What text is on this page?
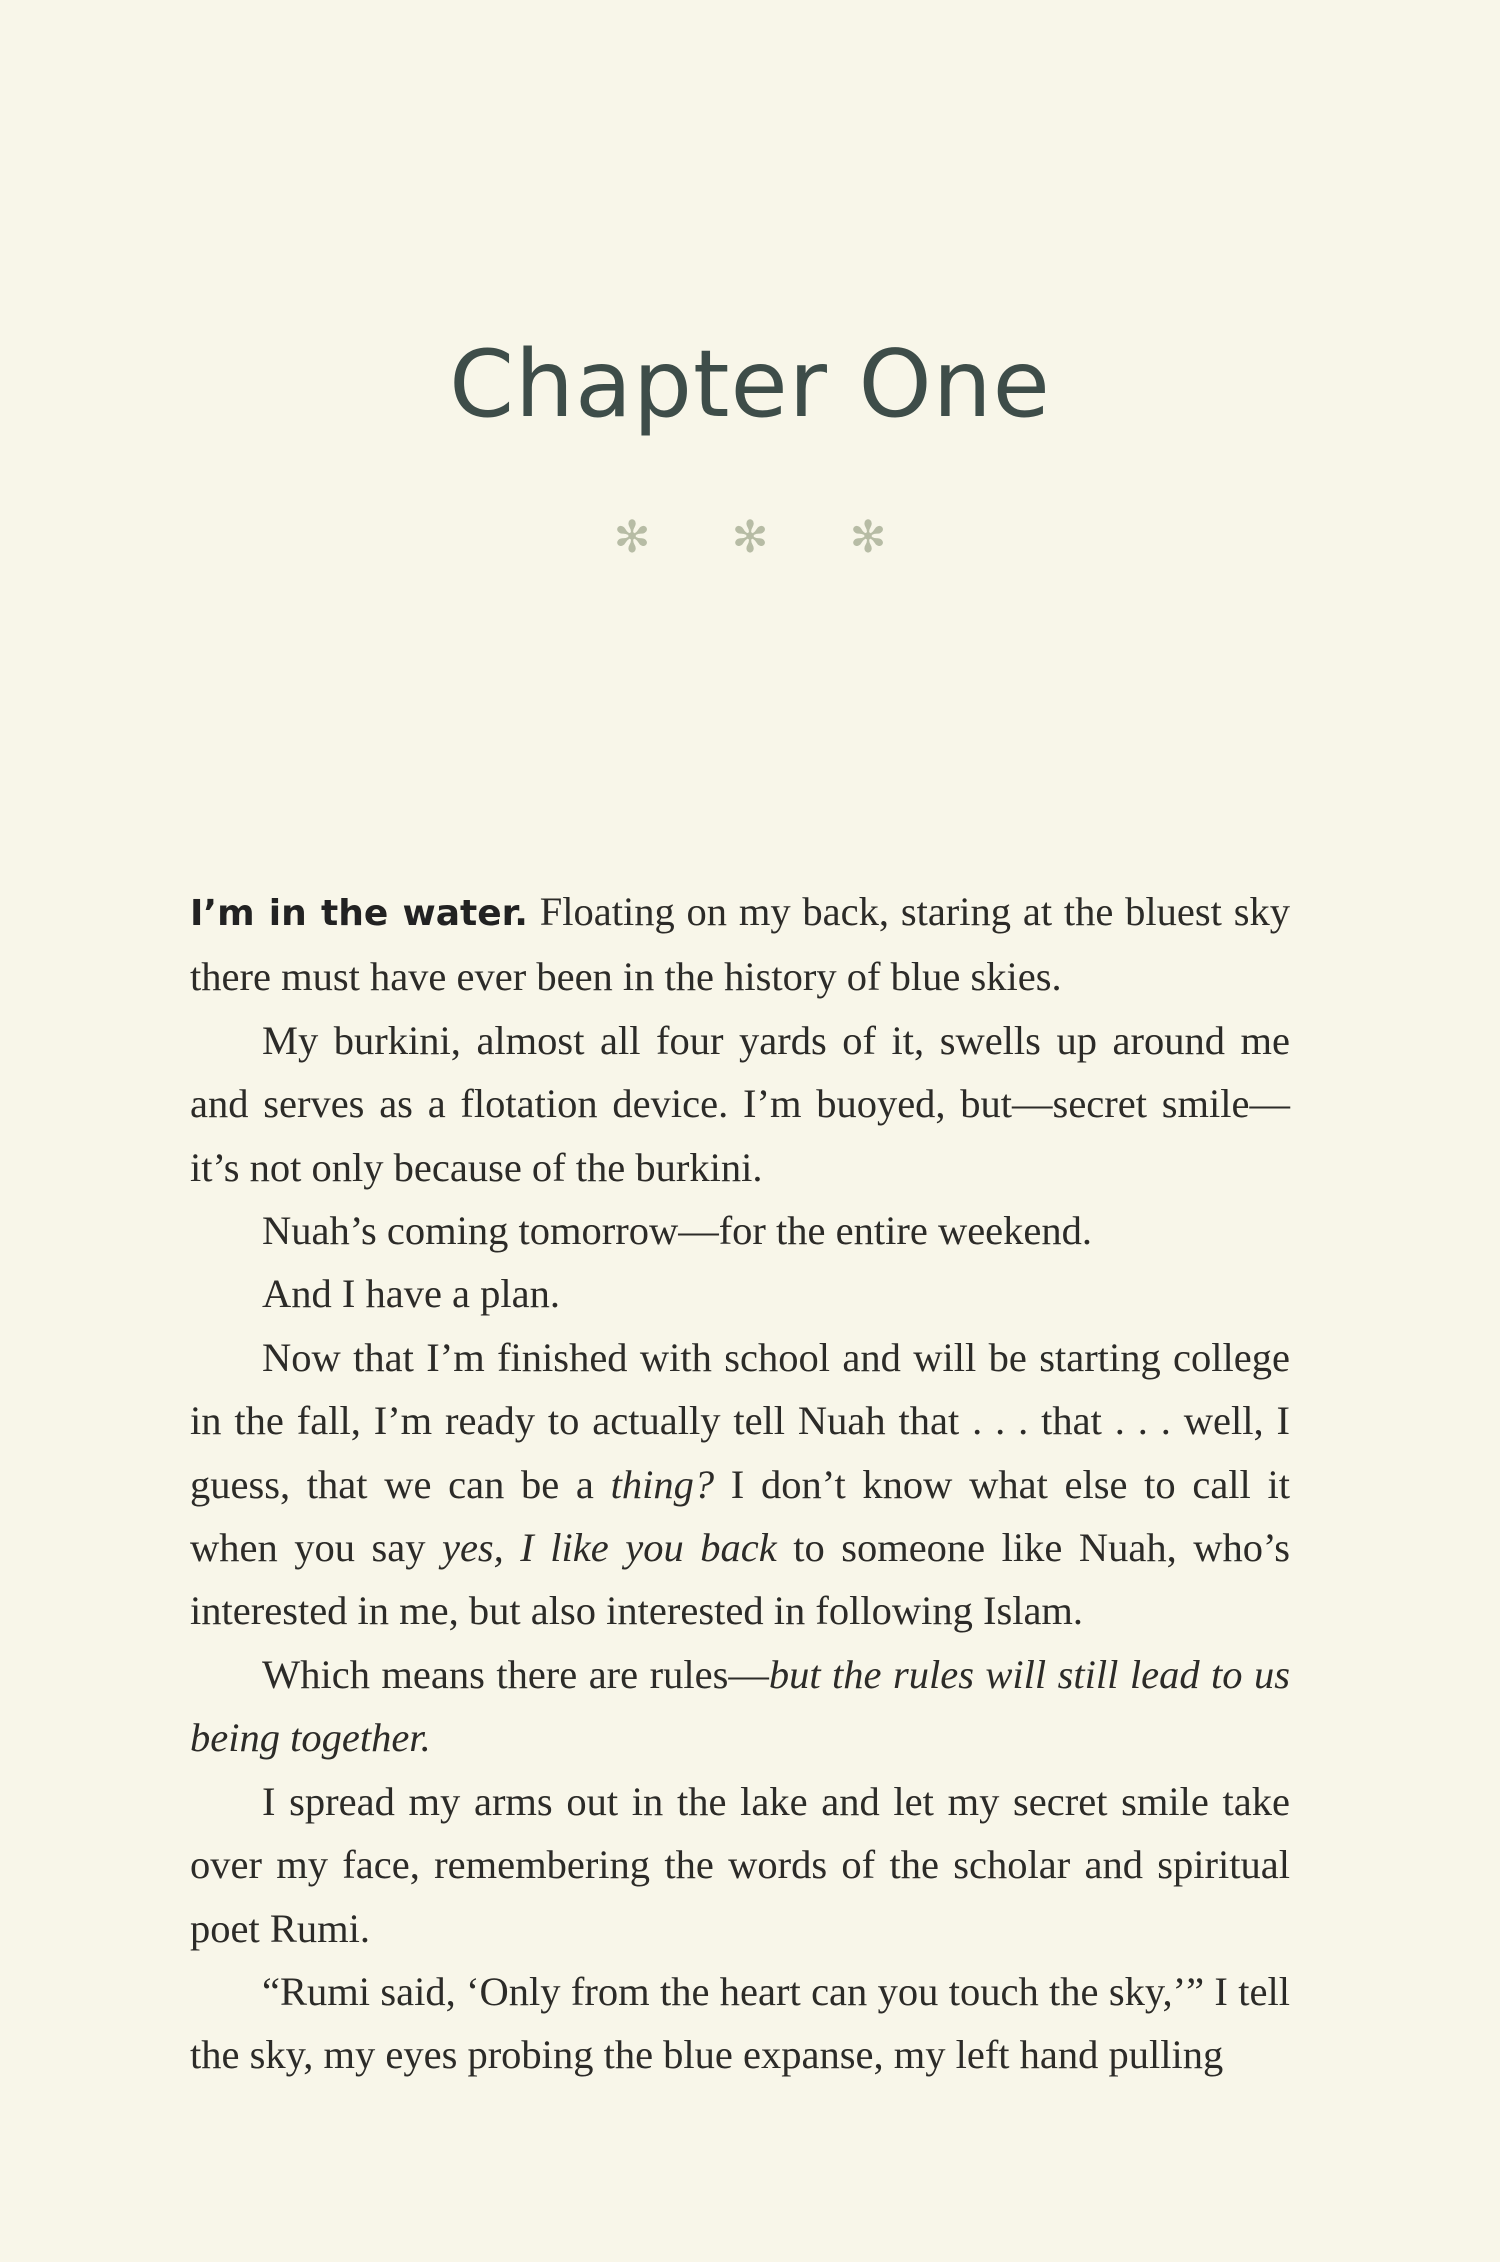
Chapter One
✻ ✻ ✻

I’m in the water. Floating on my back, staring at the bluest sky there must have ever been in the history of blue skies.

My burkini, almost all four yards of it, swells up around me and serves as a flotation device. I’m buoyed, but—secret smile—it’s not only because of the burkini.

Nuah’s coming tomorrow—for the entire weekend.

And I have a plan.

Now that I’m finished with school and will be starting college in the fall, I’m ready to actually tell Nuah that . . . that . . . well, I guess, that we can be a thing? I don’t know what else to call it when you say yes, I like you back to someone like Nuah, who’s interested in me, but also interested in following Islam.

Which means there are rules—but the rules will still lead to us being together.

I spread my arms out in the lake and let my secret smile take over my face, remembering the words of the scholar and spiritual poet Rumi.

“Rumi said, ‘Only from the heart can you touch the sky,’” I tell the sky, my eyes probing the blue expanse, my left hand pulling
